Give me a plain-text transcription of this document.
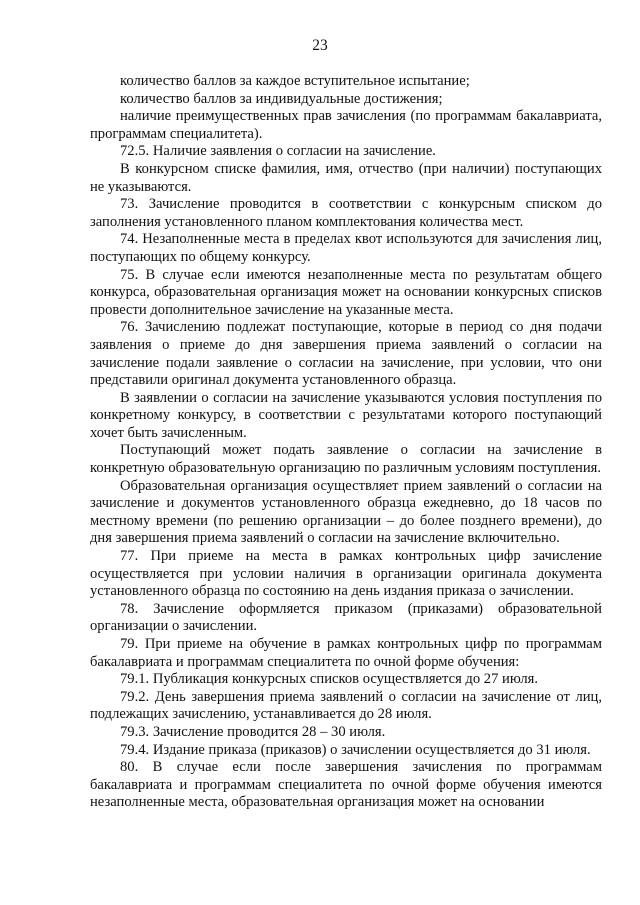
23

количество баллов за каждое вступительное испытание;

количество баллов за индивидуальные достижения;

наличие преимущественных прав зачисления (по программам бакалавриата, программам специалитета).

72.5. Наличие заявления о согласии на зачисление.

В конкурсном списке фамилия, имя, отчество (при наличии) поступающих не указываются.

73. Зачисление проводится в соответствии с конкурсным списком до заполнения установленного планом комплектования количества мест.

74. Незаполненные места в пределах квот используются для зачисления лиц, поступающих по общему конкурсу.

75. В случае если имеются незаполненные места по результатам общего конкурса, образовательная организация может на основании конкурсных списков провести дополнительное зачисление на указанные места.

76. Зачислению подлежат поступающие, которые в период со дня подачи заявления о приеме до дня завершения приема заявлений о согласии на зачисление подали заявление о согласии на зачисление, при условии, что они представили оригинал документа установленного образца.

В заявлении о согласии на зачисление указываются условия поступления по конкретному конкурсу, в соответствии с результатами которого поступающий хочет быть зачисленным.

Поступающий может подать заявление о согласии на зачисление в конкретную образовательную организацию по различным условиям поступления.

Образовательная организация осуществляет прием заявлений о согласии на зачисление и документов установленного образца ежедневно, до 18 часов по местному времени (по решению организации – до более позднего времени), до дня завершения приема заявлений о согласии на зачисление включительно.

77. При приеме на места в рамках контрольных цифр зачисление осуществляется при условии наличия в организации оригинала документа установленного образца по состоянию на день издания приказа о зачислении.

78. Зачисление оформляется приказом (приказами) образовательной организации о зачислении.

79. При приеме на обучение в рамках контрольных цифр по программам бакалавриата и программам специалитета по очной форме обучения:

79.1. Публикация конкурсных списков осуществляется до 27 июля.

79.2. День завершения приема заявлений о согласии на зачисление от лиц, подлежащих зачислению, устанавливается до 28 июля.

79.3. Зачисление проводится 28 – 30 июля.

79.4. Издание приказа (приказов) о зачислении осуществляется до 31 июля.

80. В случае если после завершения зачисления по программам бакалавриата и программам специалитета по очной форме обучения имеются незаполненные места, образовательная организация может на основании
